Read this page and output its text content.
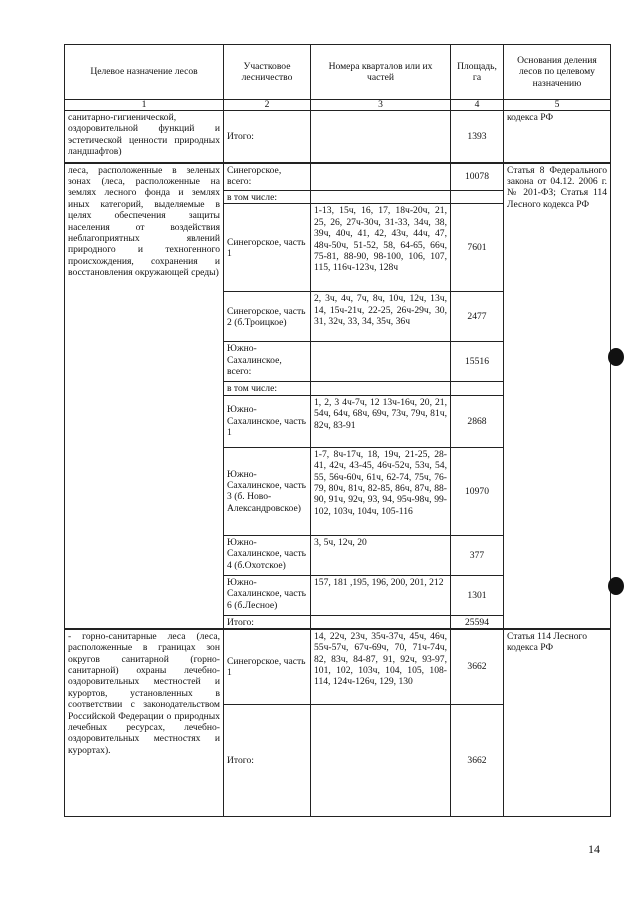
Целевое назначение лесов	Участковое лесничество	Номера кварталов или их частей	Площадь, га	Основания деления лесов по целевому назначению
1	2	3	4	5
санитарно-гигиенической, оздоровительной функций и эстетической ценности природных ландшафтов)	Итого:		1393	кодекса РФ
леса, расположенные в зеленых зонах (леса, расположенные на землях лесного фонда и землях иных категорий, выделяемые в целях обеспечения защиты населения от воздействия неблагоприятных явлений природного и техногенного происхождения, сохранения и восстановления окружающей среды)	Синегорское, всего:		10078	Статья 8 Федерального закона от 04.12. 2006 г. № 201-ФЗ; Статья 114 Лесного кодекса РФ
	в том числе:			
	Синегорское, часть 1	1-13, 15ч, 16, 17, 18ч-20ч, 21, 25, 26, 27ч-30ч, 31-33, 34ч, 38, 39ч, 40ч, 41, 42, 43ч, 44ч, 47, 48ч-50ч, 51-52, 58, 64-65, 66ч, 75-81, 88-90, 98-100, 106, 107, 115, 116ч-123ч, 128ч	7601	
	Синегорское, часть 2 (б.Троицкое)	2, 3ч, 4ч, 7ч, 8ч, 10ч, 12ч, 13ч, 14, 15ч-21ч, 22-25, 26ч-29ч, 30, 31, 32ч, 33, 34, 35ч, 36ч	2477	
	Южно-Сахалинское, всего:		15516	
	в том числе:			
	Южно-Сахалинское, часть 1	1, 2, 3 4ч-7ч, 12 13ч-16ч, 20, 21, 54ч, 64ч, 68ч, 69ч, 73ч, 79ч, 81ч, 82ч, 83-91	2868	
	Южно-Сахалинское, часть 3 (б. Ново-Александровское)	1-7, 8ч-17ч, 18, 19ч, 21-25, 28-41, 42ч, 43-45, 46ч-52ч, 53ч, 54, 55, 56ч-60ч, 61ч, 62-74, 75ч, 76-79, 80ч, 81ч, 82-85, 86ч, 87ч, 88-90, 91ч, 92ч, 93, 94, 95ч-98ч, 99-102, 103ч, 104ч, 105-116	10970	
	Южно-Сахалинское, часть 4 (б.Охотское)	3, 5ч, 12ч, 20	377	
	Южно-Сахалинское, часть 6 (б.Лесное)	157, 181 ,195, 196, 200, 201, 212	1301	
	Итого:		25594	

- горно-санитарные леса (леса, расположенные в границах зон округов санитарной (горно-санитарной) охраны лечебно-оздоровительных местностей и курортов, установленных в соответствии с законодательством Российской Федерации о природных лечебных ресурсах, лечебно-оздоровительных местностях и курортах).	Синегорское, часть 1	14, 22ч, 23ч, 35ч-37ч, 45ч, 46ч, 55ч-57ч, 67ч-69ч, 70, 71ч-74ч, 82, 83ч, 84-87, 91, 92ч, 93-97, 101, 102, 103ч, 104, 105, 108-114, 124ч-126ч, 129, 130	3662	Статья 114 Лесного кодекса РФ
	Итого:		3662	
14
